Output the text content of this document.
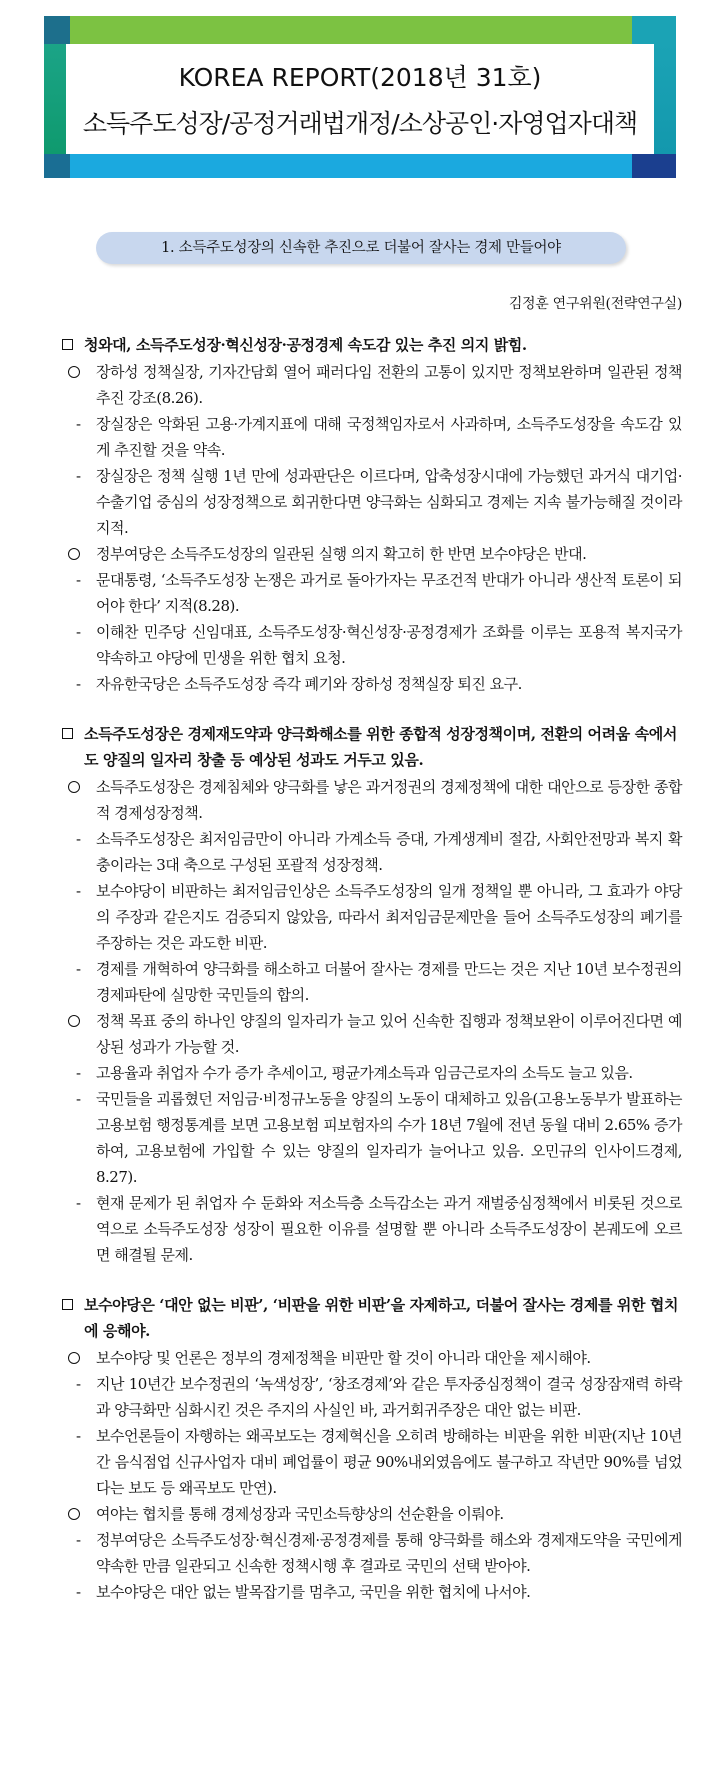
KOREA REPORT(2018년 31호)
소득주도성장/공정거래법개정/소상공인·자영업자대책
1. 소득주도성장의 신속한 추진으로 더불어 잘사는 경제 만들어야
김정훈 연구위원(전략연구실)
청와대, 소득주도성장·혁신성장·공정경제 속도감 있는 추진 의지 밝힘.
장하성 정책실장, 기자간담회 열어 패러다임 전환의 고통이 있지만 정책보완하며 일관된 정책 추진 강조(8.26).
- 장실장은 악화된 고용·가계지표에 대해 국정책임자로서 사과하며, 소득주도성장을 속도감 있게 추진할 것을 약속.
- 장실장은 정책 실행 1년 만에 성과판단은 이르다며, 압축성장시대에 가능했던 과거식 대기업·수출기업 중심의 성장정책으로 회귀한다면 양극화는 심화되고 경제는 지속 불가능해질 것이라 지적.
정부여당은 소득주도성장의 일관된 실행 의지 확고히 한 반면 보수야당은 반대.
- 문대통령, ‘소득주도성장 논쟁은 과거로 돌아가자는 무조건적 반대가 아니라 생산적 토론이 되어야 한다’ 지적(8.28).
- 이해찬 민주당 신임대표, 소득주도성장·혁신성장·공정경제가 조화를 이루는 포용적 복지국가 약속하고 야당에 민생을 위한 협치 요청.
- 자유한국당은 소득주도성장 즉각 폐기와 장하성 정책실장 퇴진 요구.
소득주도성장은 경제재도약과 양극화해소를 위한 종합적 성장정책이며, 전환의 어려움 속에서도 양질의 일자리 창출 등 예상된 성과도 거두고 있음.
소득주도성장은 경제침체와 양극화를 낳은 과거정권의 경제정책에 대한 대안으로 등장한 종합적 경제성장정책.
- 소득주도성장은 최저임금만이 아니라 가계소득 증대, 가계생계비 절감, 사회안전망과 복지 확충이라는 3대 축으로 구성된 포괄적 성장정책.
- 보수야당이 비판하는 최저임금인상은 소득주도성장의 일개 정책일 뿐 아니라, 그 효과가 야당의 주장과 같은지도 검증되지 않았음, 따라서 최저임금문제만을 들어 소득주도성장의 폐기를 주장하는 것은 과도한 비판.
- 경제를 개혁하여 양극화를 해소하고 더불어 잘사는 경제를 만드는 것은 지난 10년 보수정권의 경제파탄에 실망한 국민들의 합의.
정책 목표 중의 하나인 양질의 일자리가 늘고 있어 신속한 집행과 정책보완이 이루어진다면 예상된 성과가 가능할 것.
- 고용율과 취업자 수가 증가 추세이고, 평균가계소득과 임금근로자의 소득도 늘고 있음.
- 국민들을 괴롭혔던 저임금·비정규노동을 양질의 노동이 대체하고 있음(고용노동부가 발표하는 고용보험 행정통계를 보면 고용보험 피보험자의 수가 18년 7월에 전년 동월 대비 2.65% 증가하여, 고용보험에 가입할 수 있는 양질의 일자리가 늘어나고 있음. 오민규의 인사이드경제, 8.27).
- 현재 문제가 된 취업자 수 둔화와 저소득층 소득감소는 과거 재벌중심정책에서 비롯된 것으로 역으로 소득주도성장 성장이 필요한 이유를 설명할 뿐 아니라 소득주도성장이 본궤도에 오르면 해결될 문제.
보수야당은 ‘대안 없는 비판’, ‘비판을 위한 비판’을 자제하고, 더불어 잘사는 경제를 위한 협치에 응해야.
보수야당 및 언론은 정부의 경제정책을 비판만 할 것이 아니라 대안을 제시해야.
- 지난 10년간 보수정권의 ‘녹색성장’, ‘창조경제’와 같은 투자중심정책이 결국 성장잠재력 하락과 양극화만 심화시킨 것은 주지의 사실인 바, 과거회귀주장은 대안 없는 비판.
- 보수언론들이 자행하는 왜곡보도는 경제혁신을 오히려 방해하는 비판을 위한 비판(지난 10년간 음식점업 신규사업자 대비 폐업률이 평균 90%내외였음에도 불구하고 작년만 90%를 넘었다는 보도 등 왜곡보도 만연).
여야는 협치를 통해 경제성장과 국민소득향상의 선순환을 이뤄야.
- 정부여당은 소득주도성장·혁신경제·공정경제를 통해 양극화를 해소와 경제재도약을 국민에게 약속한 만큼 일관되고 신속한 정책시행 후 결과로 국민의 선택 받아야.
- 보수야당은 대안 없는 발목잡기를 멈추고, 국민을 위한 협치에 나서야.
